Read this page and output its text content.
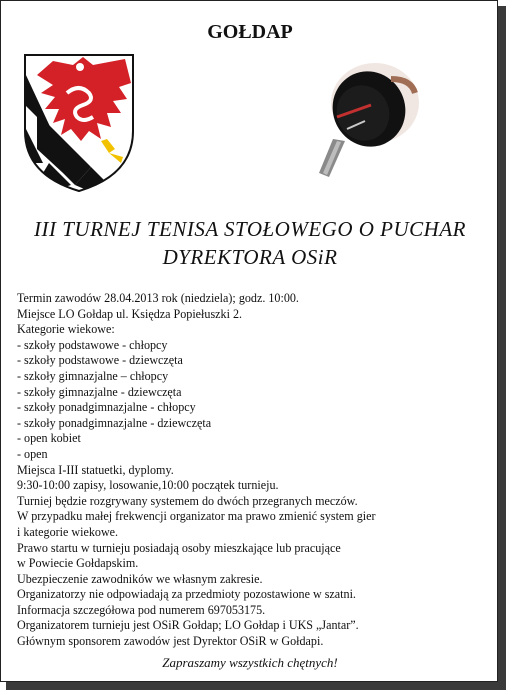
GOŁDAP
III TURNEJ TENISA STOŁOWEGO O PUCHAR
DYREKTORA OSiR
Termin zawodów 28.04.2013 rok (niedziela); godz. 10:00.
Miejsce LO Gołdap ul. Księdza Popiełuszki 2.
Kategorie wiekowe:
- szkoły podstawowe - chłopcy
- szkoły podstawowe - dziewczęta
- szkoły gimnazjalne – chłopcy
- szkoły gimnazjalne - dziewczęta
- szkoły ponadgimnazjalne - chłopcy
- szkoły ponadgimnazjalne - dziewczęta
- open kobiet
- open
Miejsca I-III statuetki, dyplomy.
9:30-10:00 zapisy, losowanie,10:00 początek turnieju.
Turniej będzie rozgrywany systemem do dwóch przegranych meczów.
W przypadku małej frekwencji organizator ma prawo zmienić system gier
i kategorie wiekowe.
Prawo startu w turnieju posiadają osoby mieszkające lub pracujące
w Powiecie Gołdapskim.
Ubezpieczenie zawodników we własnym zakresie.
Organizatorzy nie odpowiadają za przedmioty pozostawione w szatni.
Informacja szczegółowa pod numerem 697053175.
Organizatorem turnieju jest OSiR Gołdap; LO Gołdap i UKS „Jantar”.
Głównym sponsorem zawodów jest Dyrektor OSiR w Gołdapi.
Zapraszamy wszystkich chętnych!
